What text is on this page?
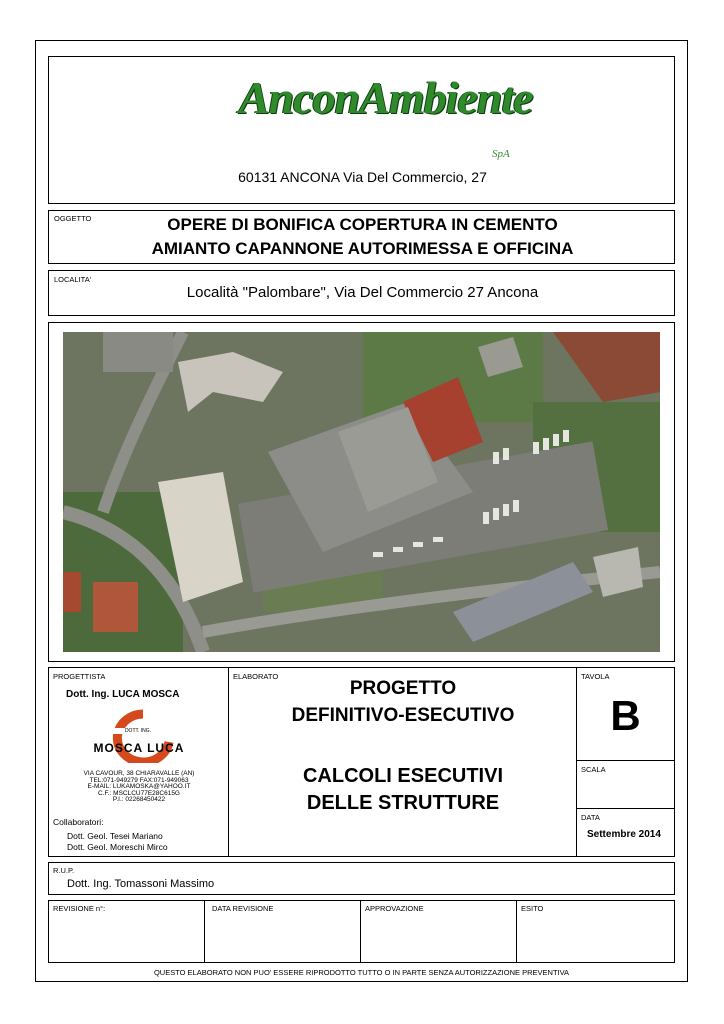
AnconAmbiente
SpA
60131 ANCONA Via Del Commercio, 27
OGGETTO	OPERE DI BONIFICA COPERTURA IN CEMENTO
AMIANTO CAPANNONE AUTORIMESSA E OFFICINA
LOCALITA'
Località "Palombare", Via Del Commercio 27 Ancona
PROGETTISTA
Dott. Ing. LUCA MOSCA
DOTT. ING.
MOSCA LUCA
VIA CAVOUR, 38 CHIARAVALLE (AN)
TEL:071-949279 FAX:071-949063
E-MAIL: LUKAMOSKA@YAHOO.IT
C.F.: MSCLCU77E28C615G
P.I.: 02268450422
Collaboratori:
Dott. Geol. Tesei Mariano
Dott. Geol. Moreschi Mirco
ELABORATO
PROGETTO
DEFINITIVO-ESECUTIVO
CALCOLI ESECUTIVI
DELLE STRUTTURE
TAVOLA
B
SCALA
DATA
Settembre 2014
R.U.P.
Dott. Ing. Tomassoni Massimo
REVISIONE n°:	DATA REVISIONE	APPROVAZIONE	ESITO
QUESTO ELABORATO NON PUO' ESSERE RIPRODOTTO TUTTO O IN PARTE SENZA AUTORIZZAZIONE PREVENTIVA
